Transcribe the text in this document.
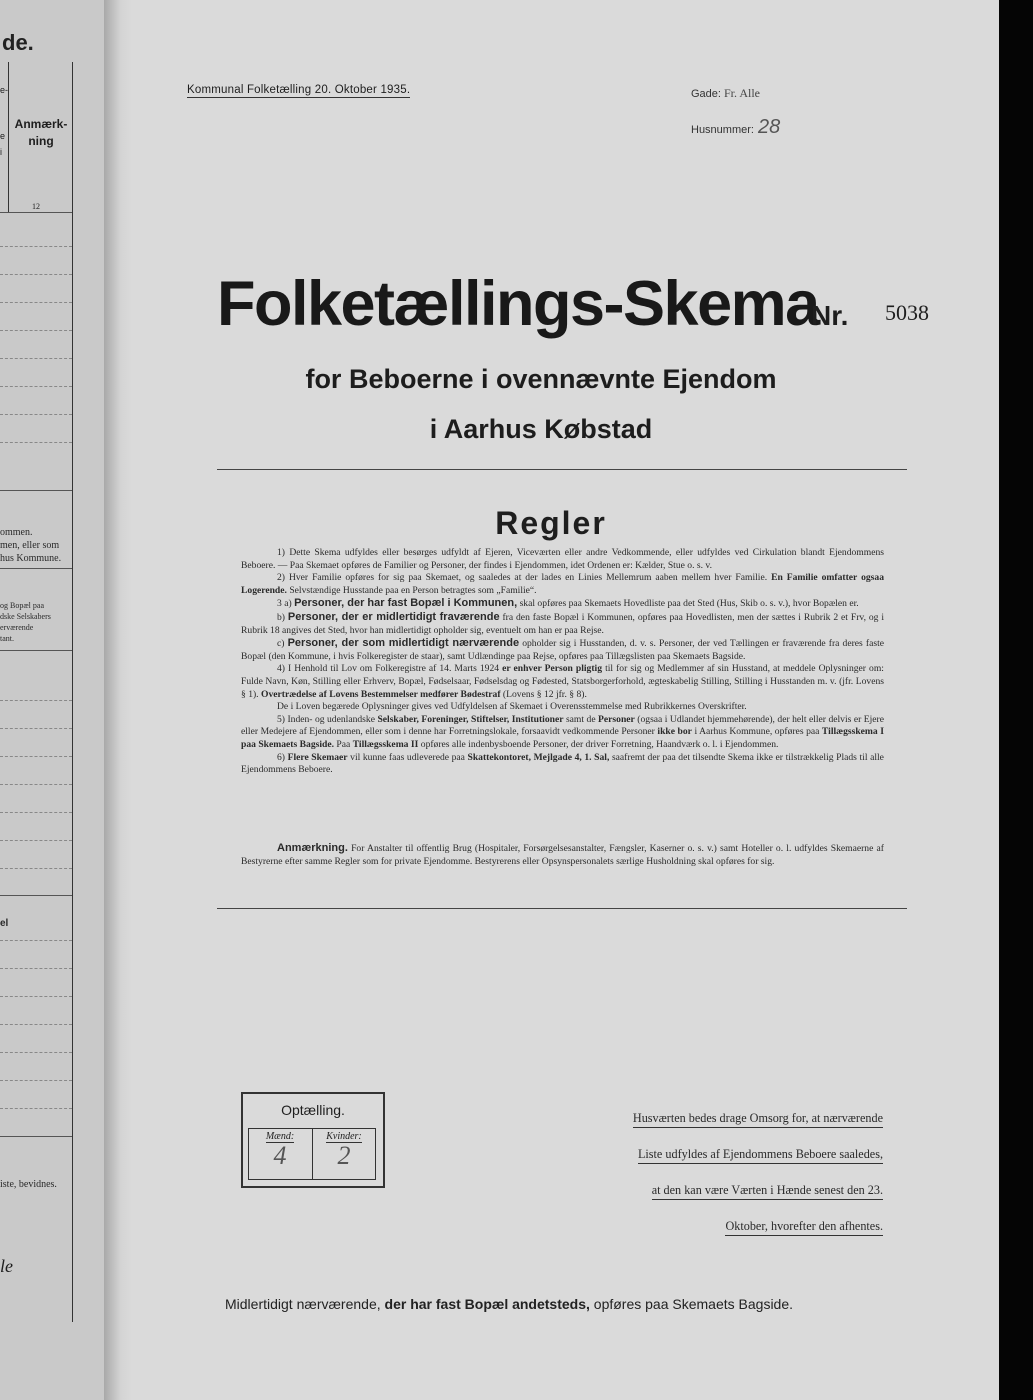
de.
e-
e
i
Anmærk-ning
12
ommen.
men, eller som
hus Kommune.
og Bopæl paa
dske Selskabers
erværende
tant.
el
iste, bevidnes.
le
Kommunal Folketælling 20. Oktober 1935.	Gade: Fr. Alle
Husnummer: 28
Folketællings-Skema
Nr. 5038
for Beboerne i ovennævnte Ejendom
i Aarhus Købstad
Regler

1) Dette Skema udfyldes eller besørges udfyldt af Ejeren, Viceværten eller andre Vedkommende, eller udfyldes ved Cirkulation blandt Ejendommens Beboere. — Paa Skemaet opføres de Familier og Personer, der findes i Ejendommen, idet Ordenen er: Kælder, Stue o. s. v.

2) Hver Familie opføres for sig paa Skemaet, og saaledes at der lades en Linies Mellemrum aaben mellem hver Familie. En Familie omfatter ogsaa Logerende. Selvstændige Husstande paa en Person betragtes som „Familie“.

3 a) Personer, der har fast Bopæl i Kommunen, skal opføres paa Skemaets Hovedliste paa det Sted (Hus, Skib o. s. v.), hvor Bopælen er.

b) Personer, der er midlertidigt fraværende fra den faste Bopæl i Kommunen, opføres paa Hovedlisten, men der sættes i Rubrik 2 et Frv, og i Rubrik 18 angives det Sted, hvor han midlertidigt opholder sig, eventuelt om han er paa Rejse.

c) Personer, der som midlertidigt nærværende opholder sig i Husstanden, d. v. s. Personer, der ved Tællingen er fraværende fra deres faste Bopæl (den Kommune, i hvis Folkeregister de staar), samt Udlændinge paa Rejse, opføres paa Tillægslisten paa Skemaets Bagside.

4) I Henhold til Lov om Folkeregistre af 14. Marts 1924 er enhver Person pligtig til for sig og Medlemmer af sin Husstand, at meddele Oplysninger om: Fulde Navn, Køn, Stilling eller Erhverv, Bopæl, Fødselsaar, Fødselsdag og Fødested, Statsborgerforhold, ægteskabelig Stilling, Stilling i Husstanden m. v. (jfr. Lovens § 1). Overtrædelse af Lovens Bestemmelser medfører Bødestraf (Lovens § 12 jfr. § 8).

De i Loven begærede Oplysninger gives ved Udfyldelsen af Skemaet i Overensstemmelse med Rubrikkernes Overskrifter.

5) Inden- og udenlandske Selskaber, Foreninger, Stiftelser, Institutioner samt de Personer (ogsaa i Udlandet hjemmehørende), der helt eller delvis er Ejere eller Medejere af Ejendommen, eller som i denne har Forretningslokale, forsaavidt vedkommende Personer ikke bor i Aarhus Kommune, opføres paa Tillægsskema I paa Skemaets Bagside. Paa Tillægsskema II opføres alle indenbysboende Personer, der driver Forretning, Haandværk o. l. i Ejendommen.

6) Flere Skemaer vil kunne faas udleverede paa Skattekontoret, Mejlgade 4, 1. Sal, saafremt der paa det tilsendte Skema ikke er tilstrækkelig Plads til alle Ejendommens Beboere.

Anmærkning. For Anstalter til offentlig Brug (Hospitaler, Forsørgelsesanstalter, Fængsler, Kaserner o. s. v.) samt Hoteller o. l. udfyldes Skemaerne af Bestyrerne efter samme Regler som for private Ejendomme. Bestyrerens eller Opsynspersonalets særlige Husholdning skal opføres for sig.
Optælling.
Mænd:
4
Kvinder:
2
Husværten bedes drage Omsorg for, at nærværende
Liste udfyldes af Ejendommens Beboere saaledes,
at den kan være Værten i Hænde senest den 23.
Oktober, hvorefter den afhentes.
Midlertidigt nærværende, der har fast Bopæl andetsteds, opføres paa Skemaets Bagside.
